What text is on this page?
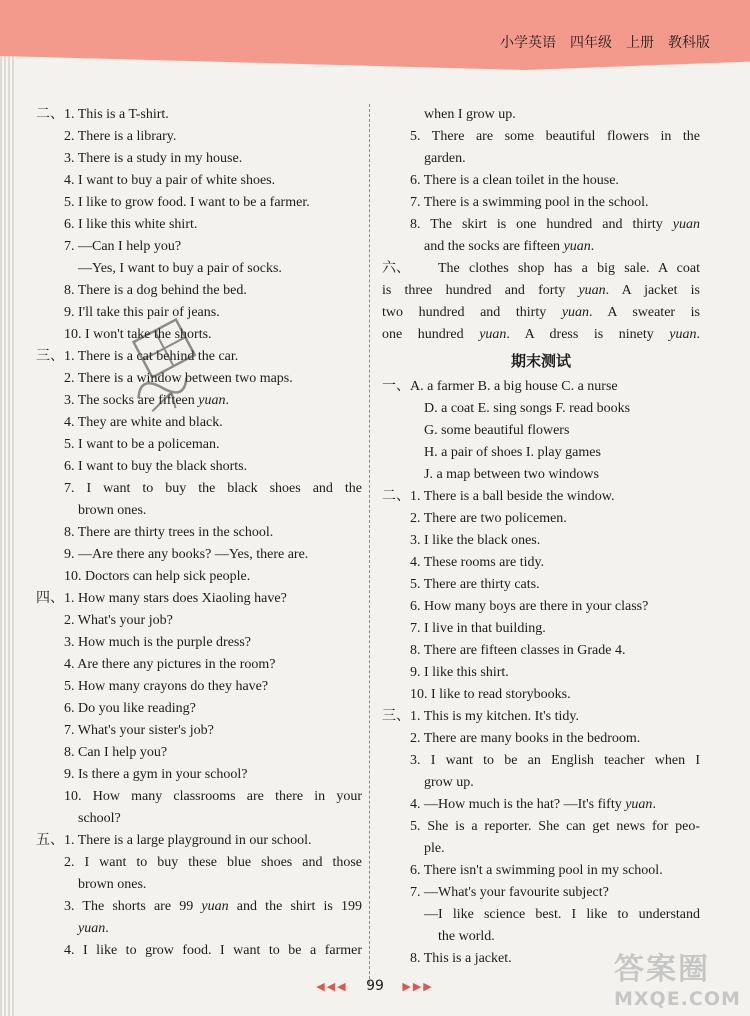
小学英语 四年级 上册 教科版
二、 1. This is a T-shirt.
2. There is a library.
3. There is a study in my house.
4. I want to buy a pair of white shoes.
5. I like to grow food. I want to be a farmer.
6. I like this white shirt.
7. —Can I help you?
—Yes, I want to buy a pair of socks.
8. There is a dog behind the bed.
9. I'll take this pair of jeans.
10. I won't take the shorts.
三、 1. There is a cat behind the car.
2. There is a window between two maps.
3. The socks are fifteen yuan.
4. They are white and black.
5. I want to be a policeman.
6. I want to buy the black shorts.
7. I want to buy the black shoes and the
brown ones.
8. There are thirty trees in the school.
9. —Are there any books? —Yes, there are.
10. Doctors can help sick people.
四、 1. How many stars does Xiaoling have?
2. What's your job?
3. How much is the purple dress?
4. Are there any pictures in the room?
5. How many crayons do they have?
6. Do you like reading?
7. What's your sister's job?
8. Can I help you?
9. Is there a gym in your school?
10. How many classrooms are there in your
school?
五、 1. There is a large playground in our school.
2. I want to buy these blue shoes and those
brown ones.
3. The shorts are 99 yuan and the shirt is 199
yuan.
4. I like to grow food. I want to be a farmer
when I grow up.
5. There are some beautiful flowers in the
garden.
6. There is a clean toilet in the house.
7. There is a swimming pool in the school.
8. The skirt is one hundred and thirty yuan
and the socks are fifteen yuan.
六、	The clothes shop has a big sale. A coat
is three hundred and forty yuan. A jacket is
two hundred and thirty yuan. A sweater is
one hundred yuan. A dress is ninety yuan.
期末测试
一、 A. a farmer B. a big house C. a nurse
D. a coat E. sing songs F. read books
G. some beautiful flowers
H. a pair of shoes I. play games
J. a map between two windows
二、 1. There is a ball beside the window.
2. There are two policemen.
3. I like the black ones.
4. These rooms are tidy.
5. There are thirty cats.
6. How many boys are there in your class?
7. I live in that building.
8. There are fifteen classes in Grade 4.
9. I like this shirt.
10. I like to read storybooks.
三、 1. This is my kitchen. It's tidy.
2. There are many books in the bedroom.
3. I want to be an English teacher when I
grow up.
4. —How much is the hat? —It's fifty yuan.
5. She is a reporter. She can get news for peo-
ple.
6. There isn't a swimming pool in my school.
7. —What's your favourite subject?
—I like science best. I like to understand
the world.
8. This is a jacket.
◀◀◀ 99 ▶▶▶	答案圈
MXQE.COM
